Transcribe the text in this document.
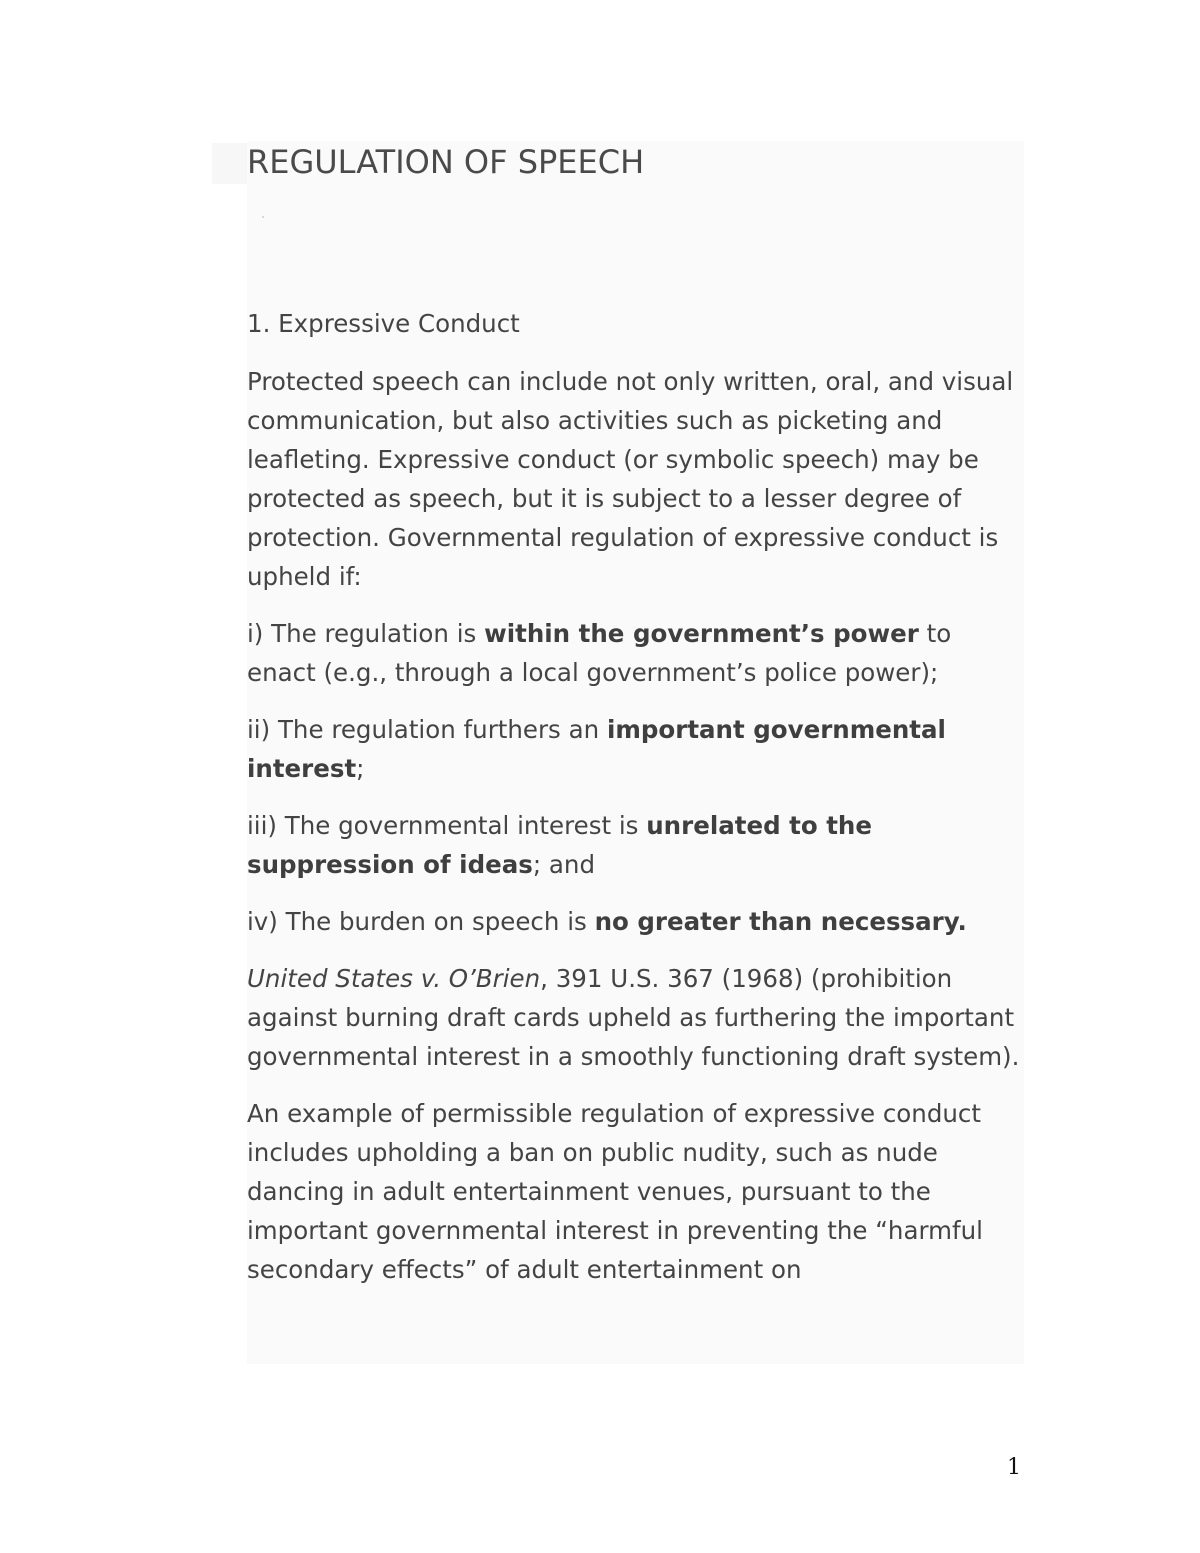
REGULATION OF SPEECH

1. Expressive Conduct

Protected speech can include not only written, oral, and visual communication, but also activities such as picketing and leafleting. Expressive conduct (or symbolic speech) may be protected as speech, but it is subject to a lesser degree of protection. Governmental regulation of expressive conduct is upheld if:

i) The regulation is within the government’s power to enact (e.g., through a local government’s police power);

ii) The regulation furthers an important governmental interest;

iii) The governmental interest is unrelated to the suppression of ideas; and

iv) The burden on speech is no greater than necessary.

United States v. O’Brien, 391 U.S. 367 (1968) (prohibition against burning draft cards upheld as furthering the important governmental interest in a smoothly functioning draft system).

An example of permissible regulation of expressive conduct includes upholding a ban on public nudity, such as nude dancing in adult entertainment venues, pursuant to the important governmental interest in preventing the “harmful secondary effects” of adult entertainment on

1
